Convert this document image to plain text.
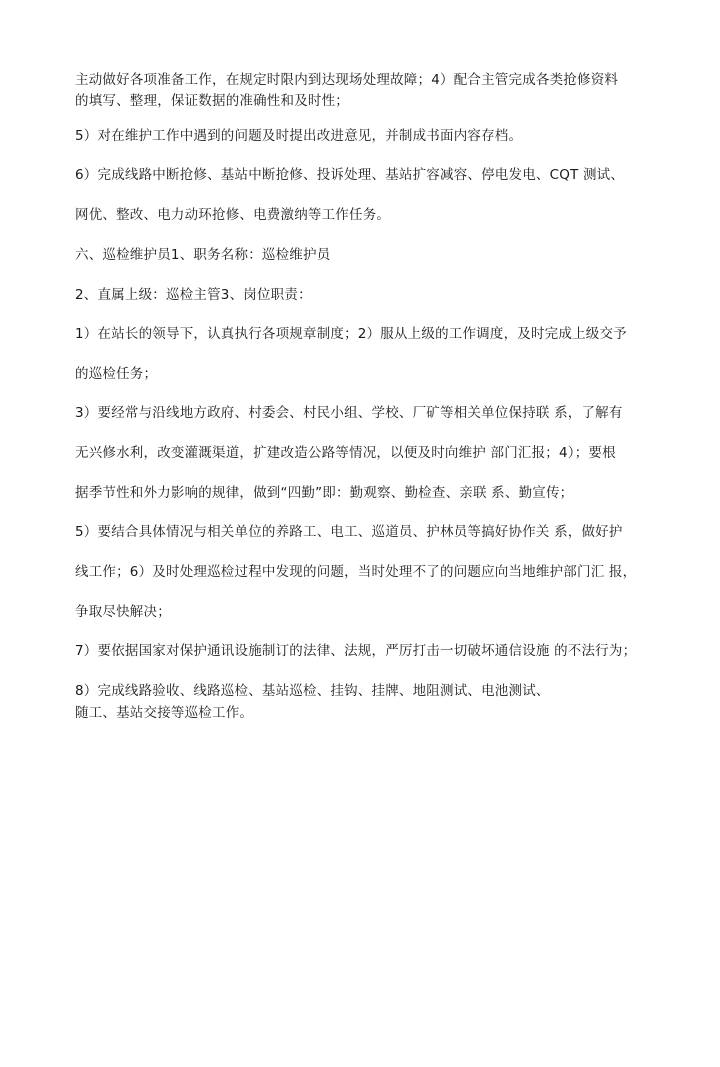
主动做好各项准备工作，在规定时限内到达现场处理故障；4）配合主管完成各类抢修资料
的填写、整理，保证数据的准确性和及时性；
5）对在维护工作中遇到的问题及时提出改进意见，并制成书面内容存档。
6）完成线路中断抢修、基站中断抢修、投诉处理、基站扩容减容、停电发电、CQT 测试、
网优、整改、电力动环抢修、电费激纳等工作任务。
六、巡检维护员1、职务名称：巡检维护员
2、直属上级：巡检主管3、岗位职责：
1）在站长的领导下，认真执行各项规章制度；2）服从上级的工作调度，及时完成上级交予
的巡检任务；
3）要经常与沿线地方政府、村委会、村民小组、学校、厂矿等相关单位保持联 系，了解有
无兴修水利，改变灌溉渠道，扩建改造公路等情况，以便及时向维护 部门汇报；4）；要根
据季节性和外力影响的规律，做到“四勤”即：勤观察、勤检查、亲联 系、勤宣传；
5）要结合具体情况与相关单位的养路工、电工、巡道员、护林员等搞好协作关 系，做好护
线工作；6）及时处理巡检过程中发现的问题，当时处理不了的问题应向当地维护部门汇 报，
争取尽快解决；
7）要依据国家对保护通讯设施制订的法律、法规，严厉打击一切破坏通信设施 的不法行为；
8）完成线路验收、线路巡检、基站巡检、挂钩、挂牌、地阻测试、电池测试、
随工、基站交接等巡检工作。
